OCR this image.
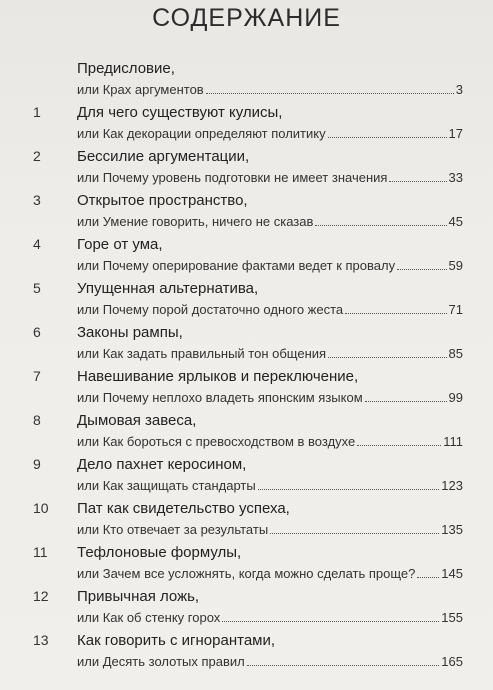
СОДЕРЖАНИЕ
Предисловие,
или Крах аргументов	3
1	Для чего существуют кулисы,
или Как декорации определяют политику	17
2	Бессилие аргументации,
или Почему уровень подготовки не имеет значения	33
3	Открытое пространство,
или Умение говорить, ничего не сказав	45
4	Горе от ума,
или Почему оперирование фактами ведет к провалу	59
5	Упущенная альтернатива,
или Почему порой достаточно одного жеста	71
6	Законы рампы,
или Как задать правильный тон общения	85
7	Навешивание ярлыков и переключение,
или Почему неплохо владеть японским языком	99
8	Дымовая завеса,
или Как бороться с превосходством в воздухе	111
9	Дело пахнет керосином,
или Как защищать стандарты	123
10	Пат как свидетельство успеха,
или Кто отвечает за результаты	135
11	Тефлоновые формулы,
или Зачем все усложнять, когда можно сделать проще? 145
12	Привычная ложь,
или Как об стенку горох	155
13	Как говорить с игнорантами,
или Десять золотых правил	165
